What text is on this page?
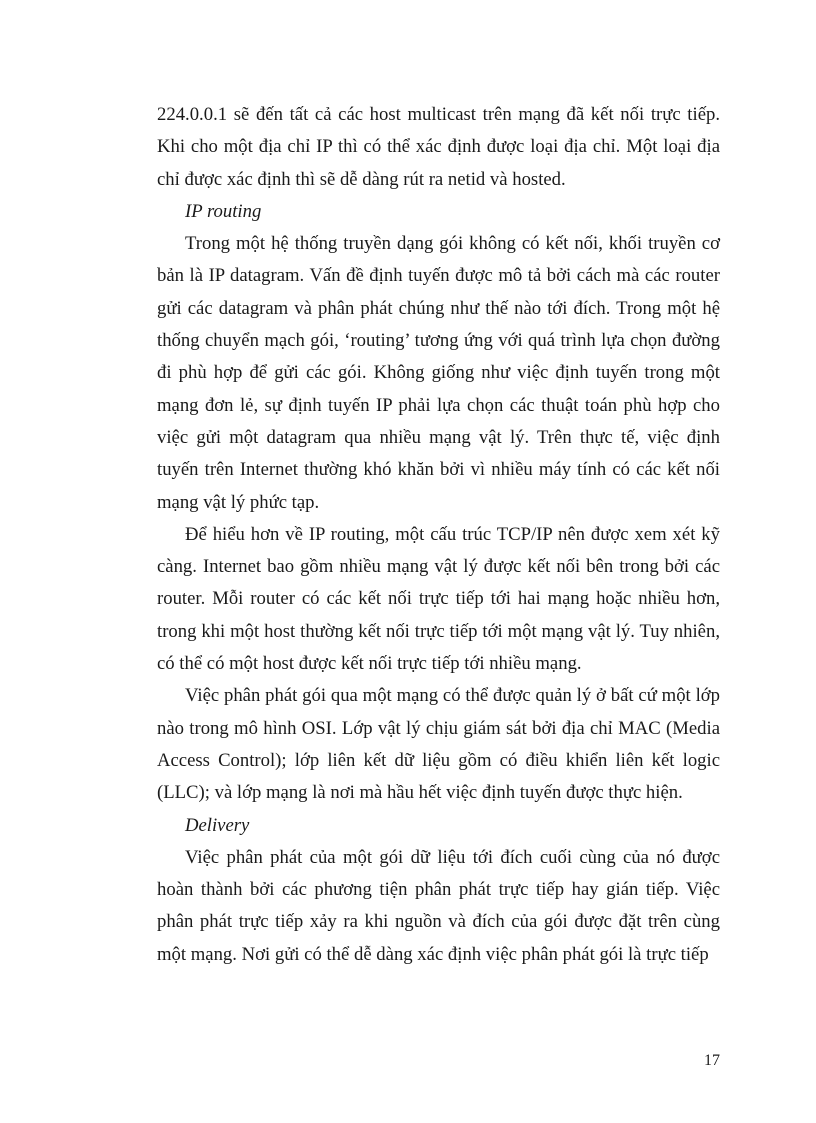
224.0.0.1 sẽ đến tất cả các host multicast trên mạng đã kết nối trực tiếp. Khi cho một địa chỉ IP thì có thể xác định được loại địa chỉ. Một loại địa chỉ được xác định thì sẽ dễ dàng rút ra netid và hosted.

IP routing

Trong một hệ thống truyền dạng gói không có kết nối, khối truyền cơ bản là IP datagram. Vấn đề định tuyến được mô tả bởi cách mà các router gửi các datagram và phân phát chúng như thế nào tới đích. Trong một hệ thống chuyển mạch gói, ‘routing’ tương ứng với quá trình lựa chọn đường đi phù hợp để gửi các gói. Không giống như việc định tuyến trong một mạng đơn lẻ, sự định tuyến IP phải lựa chọn các thuật toán phù hợp cho việc gửi một datagram qua nhiều mạng vật lý. Trên thực tế, việc định tuyến trên Internet thường khó khăn bởi vì nhiều máy tính có các kết nối mạng vật lý phức tạp.

Để hiểu hơn về IP routing, một cấu trúc TCP/IP nên được xem xét kỹ càng. Internet bao gồm nhiều mạng vật lý được kết nối bên trong bởi các router. Mỗi router có các kết nối trực tiếp tới hai mạng hoặc nhiều hơn, trong khi một host thường kết nối trực tiếp tới một mạng vật lý. Tuy nhiên, có thể có một host được kết nối trực tiếp tới nhiều mạng.

Việc phân phát gói qua một mạng có thể được quản lý ở bất cứ một lớp nào trong mô hình OSI. Lớp vật lý chịu giám sát bởi địa chỉ MAC (Media Access Control); lớp liên kết dữ liệu gồm có điều khiển liên kết logic (LLC); và lớp mạng là nơi mà hầu hết việc định tuyến được thực hiện.

Delivery

Việc phân phát của một gói dữ liệu tới đích cuối cùng của nó được hoàn thành bởi các phương tiện phân phát trực tiếp hay gián tiếp. Việc phân phát trực tiếp xảy ra khi nguồn và đích của gói được đặt trên cùng một mạng. Nơi gửi có thể dễ dàng xác định việc phân phát gói là trực tiếp

17
